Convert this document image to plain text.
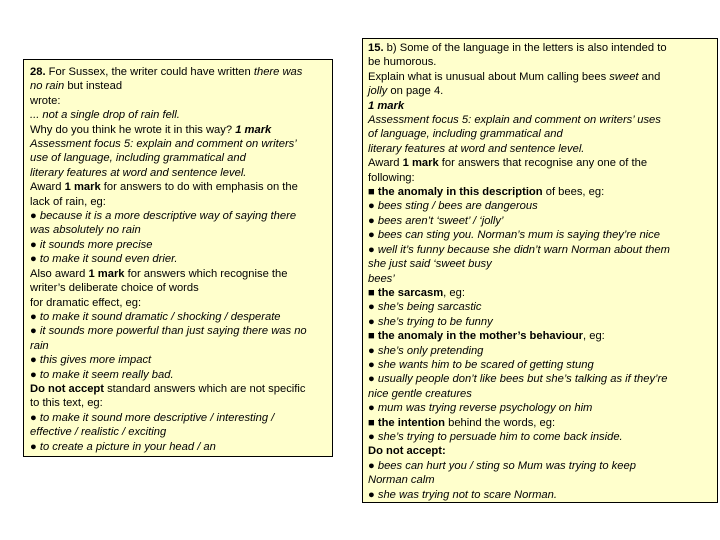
28. For Sussex, the writer could have written there was
no rain but instead
wrote:
... not a single drop of rain fell.
Why do you think he wrote it in this way? 1 mark
Assessment focus 5: explain and comment on writers’
use of language, including grammatical and
literary features at word and sentence level.
Award 1 mark for answers to do with emphasis on the
lack of rain, eg:
● because it is a more descriptive way of saying there
was absolutely no rain
● it sounds more precise
● to make it sound even drier.
Also award 1 mark for answers which recognise the
writer’s deliberate choice of words
for dramatic effect, eg:
● to make it sound dramatic / shocking / desperate
● it sounds more powerful than just saying there was no
rain
● this gives more impact
● to make it seem really bad.
Do not accept standard answers which are not specific
to this text, eg:
● to make it sound more descriptive / interesting /
effective / realistic / exciting
● to create a picture in your head / an
15. b) Some of the language in the letters is also intended to
be humorous.
Explain what is unusual about Mum calling bees sweet and
jolly on page 4.
1 mark
Assessment focus 5: explain and comment on writers’ uses
of language, including grammatical and
literary features at word and sentence level.
Award 1 mark for answers that recognise any one of the
following:
■ the anomaly in this description of bees, eg:
● bees sting / bees are dangerous
● bees aren’t ‘sweet’ / ‘jolly’
● bees can sting you. Norman’s mum is saying they’re nice
● well it’s funny because she didn’t warn Norman about them
she just said ‘sweet busy
bees’
■ the sarcasm, eg:
● she’s being sarcastic
● she’s trying to be funny
■ the anomaly in the mother’s behaviour, eg:
● she’s only pretending
● she wants him to be scared of getting stung
● usually people don’t like bees but she’s talking as if they’re
nice gentle creatures
● mum was trying reverse psychology on him
■ the intention behind the words, eg:
● she’s trying to persuade him to come back inside.
Do not accept:
● bees can hurt you / sting so Mum was trying to keep
Norman calm
● she was trying not to scare Norman.
